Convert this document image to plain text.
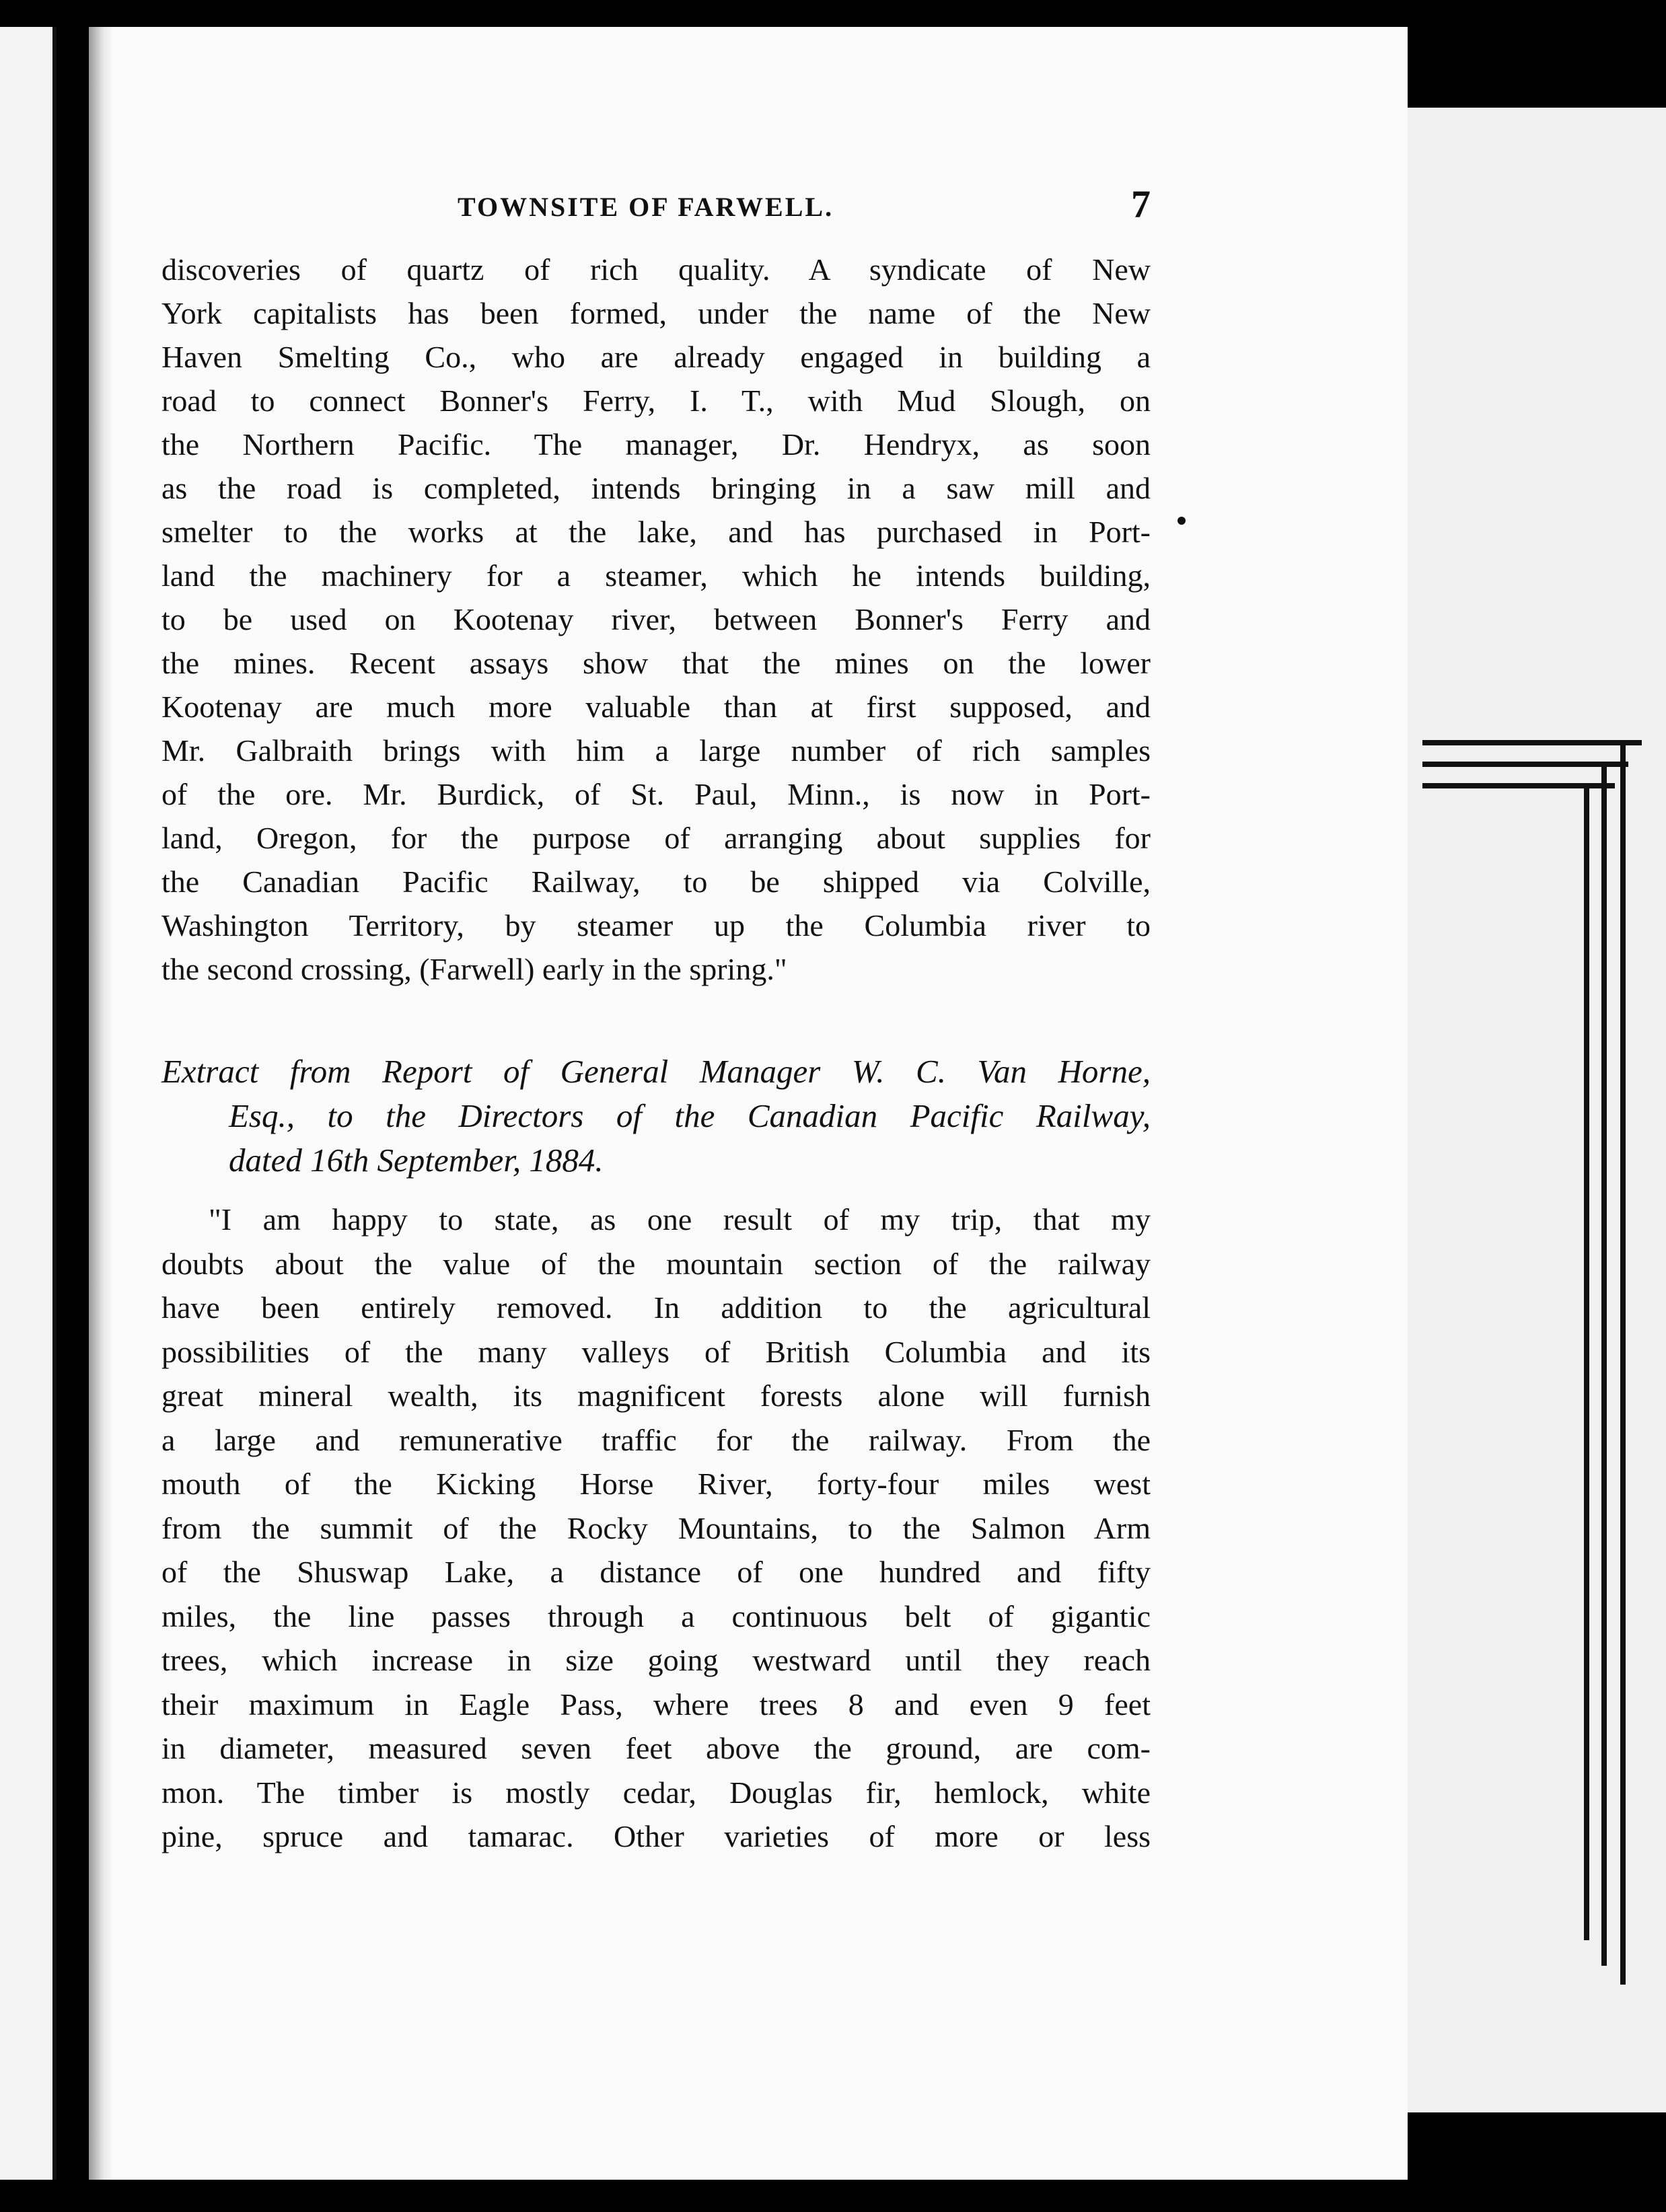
TOWNSITE OF FARWELL.	7
discoveries of quartz of rich quality. A syndicate of New
York capitalists has been formed, under the name of the New
Haven Smelting Co., who are already engaged in building a
road to connect Bonner's Ferry, I. T., with Mud Slough, on
the Northern Pacific. The manager, Dr. Hendryx, as soon
as the road is completed, intends bringing in a saw mill and
smelter to the works at the lake, and has purchased in Port-
land the machinery for a steamer, which he intends building,
to be used on Kootenay river, between Bonner's Ferry and
the mines. Recent assays show that the mines on the lower
Kootenay are much more valuable than at first supposed, and
Mr. Galbraith brings with him a large number of rich samples
of the ore. Mr. Burdick, of St. Paul, Minn., is now in Port-
land, Oregon, for the purpose of arranging about supplies for
the Canadian Pacific Railway, to be shipped via Colville,
Washington Territory, by steamer up the Columbia river to
the second crossing, (Farwell) early in the spring."
Extract from Report of General Manager W. C. Van Horne,
Esq., to the Directors of the Canadian Pacific Railway,
dated 16th September, 1884.
"I am happy to state, as one result of my trip, that my
doubts about the value of the mountain section of the railway
have been entirely removed. In addition to the agricultural
possibilities of the many valleys of British Columbia and its
great mineral wealth, its magnificent forests alone will furnish
a large and remunerative traffic for the railway. From the
mouth of the Kicking Horse River, forty-four miles west
from the summit of the Rocky Mountains, to the Salmon Arm
of the Shuswap Lake, a distance of one hundred and fifty
miles, the line passes through a continuous belt of gigantic
trees, which increase in size going westward until they reach
their maximum in Eagle Pass, where trees 8 and even 9 feet
in diameter, measured seven feet above the ground, are com-
mon. The timber is mostly cedar, Douglas fir, hemlock, white
pine, spruce and tamarac. Other varieties of more or less
